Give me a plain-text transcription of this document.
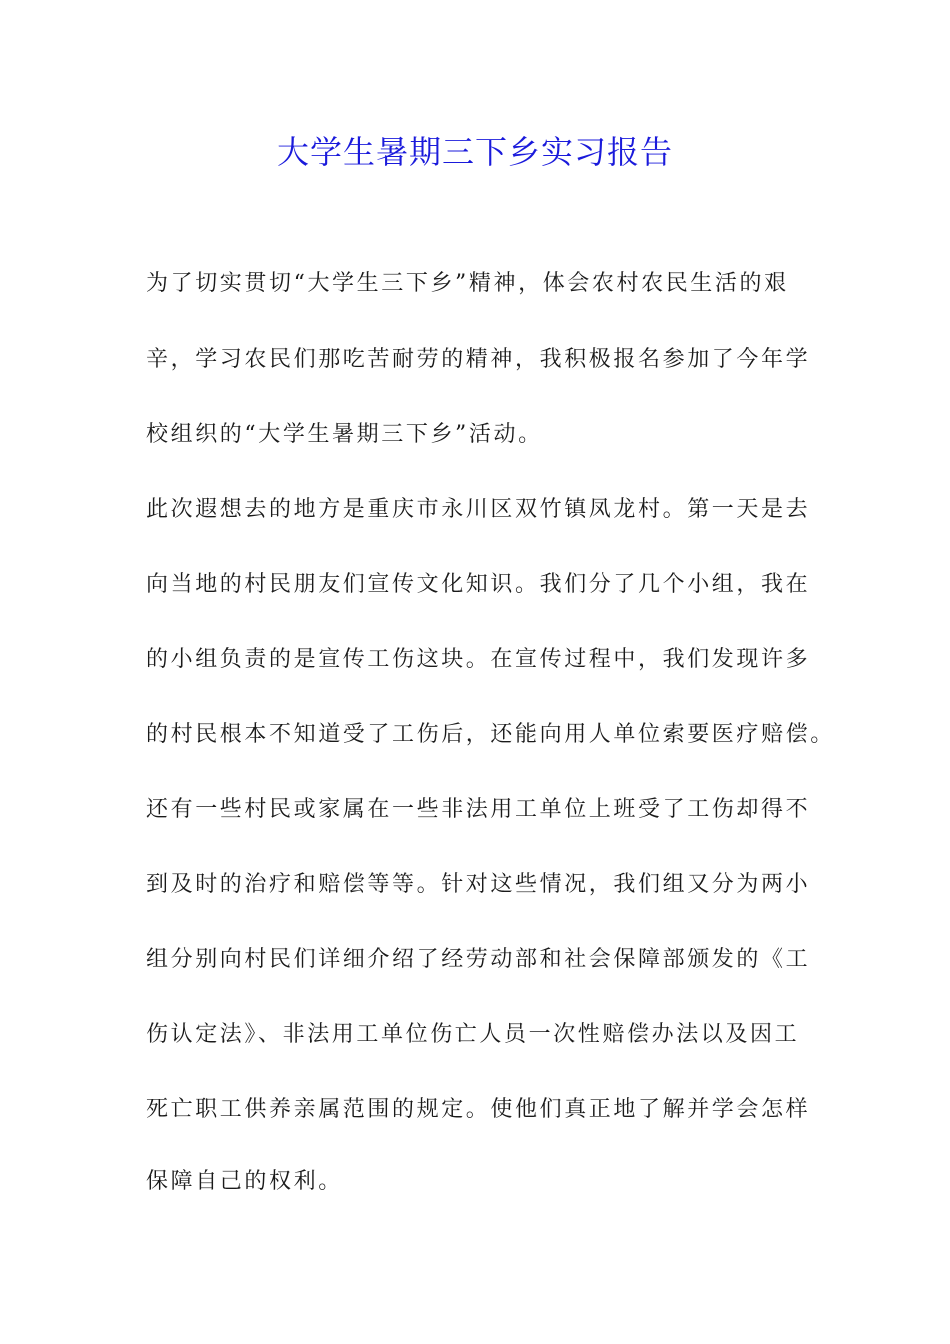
大学生暑期三下乡实习报告
为了切实贯切“大学生三下乡”精神，体会农村农民生活的艰
辛，学习农民们那吃苦耐劳的精神，我积极报名参加了今年学
校组织的“大学生暑期三下乡”活动。
此次遐想去的地方是重庆市永川区双竹镇凤龙村。第一天是去
向当地的村民朋友们宣传文化知识。我们分了几个小组，我在
的小组负责的是宣传工伤这块。在宣传过程中，我们发现许多
的村民根本不知道受了工伤后，还能向用人单位索要医疗赔偿。
还有一些村民或家属在一些非法用工单位上班受了工伤却得不
到及时的治疗和赔偿等等。针对这些情况，我们组又分为两小
组分别向村民们详细介绍了经劳动部和社会保障部颁发的《工
伤认定法》、非法用工单位伤亡人员一次性赔偿办法以及因工
死亡职工供养亲属范围的规定。使他们真正地了解并学会怎样
保障自己的权利。
